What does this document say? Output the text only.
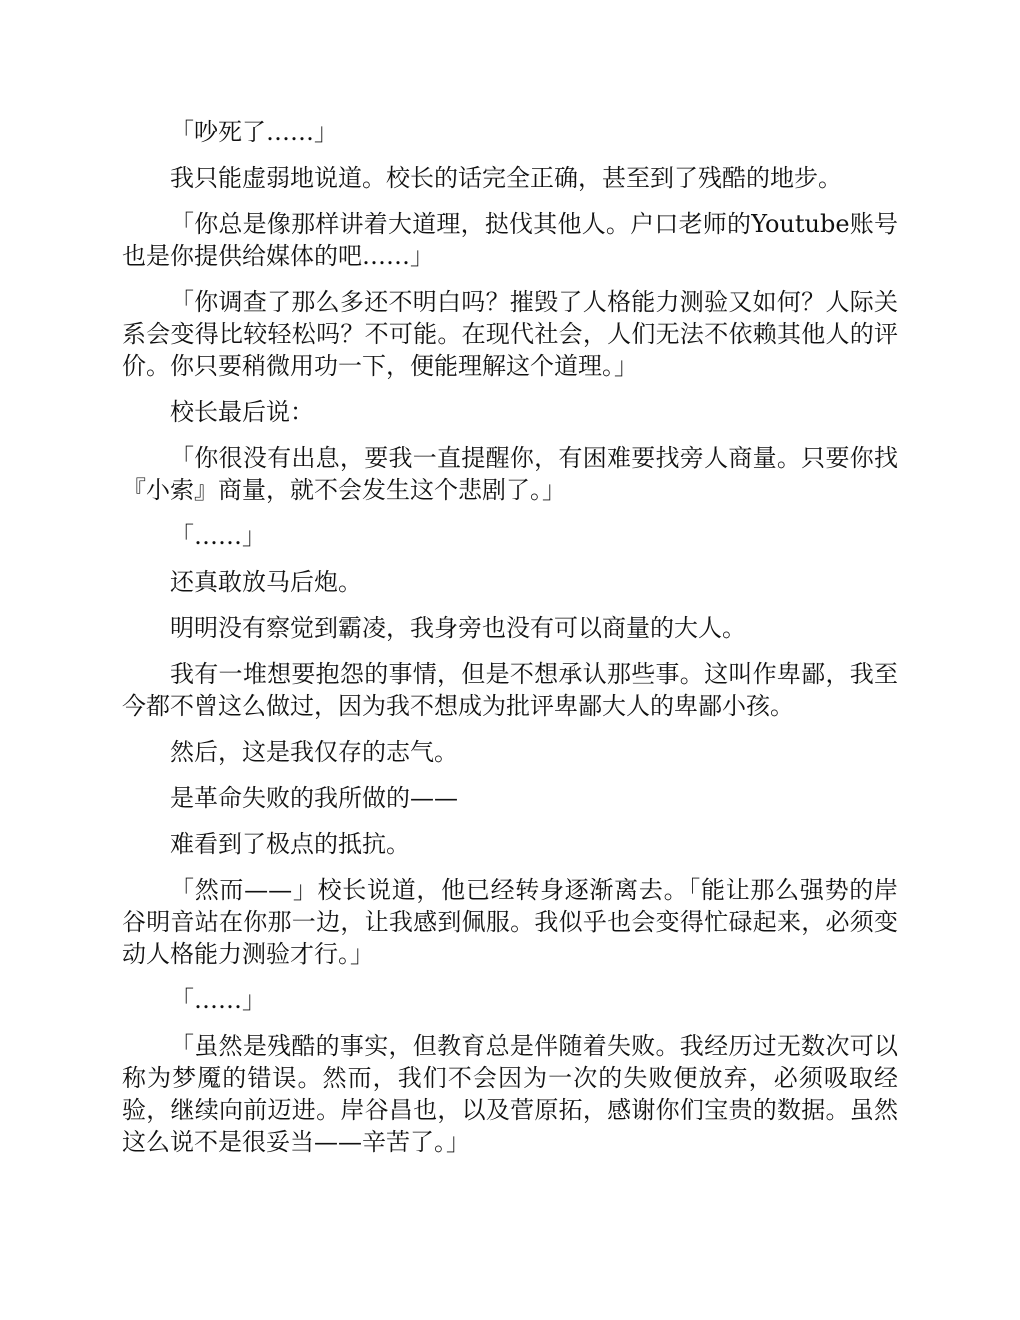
「吵死了……」

我只能虚弱地说道。校长的话完全正确，甚至到了残酷的地步。

「你总是像那样讲着大道理，挞伐其他人。户口老师的Youtube账号也是你提供给媒体的吧……」

「你调查了那么多还不明白吗？摧毁了人格能力测验又如何？人际关系会变得比较轻松吗？不可能。在现代社会，人们无法不依赖其他人的评价。你只要稍微用功一下，便能理解这个道理。」

校长最后说：

「你很没有出息，要我一直提醒你，有困难要找旁人商量。只要你找『小索』商量，就不会发生这个悲剧了。」

「……」

还真敢放马后炮。

明明没有察觉到霸凌，我身旁也没有可以商量的大人。

我有一堆想要抱怨的事情，但是不想承认那些事。这叫作卑鄙，我至今都不曾这么做过，因为我不想成为批评卑鄙大人的卑鄙小孩。

然后，这是我仅存的志气。

是革命失败的我所做的——

难看到了极点的抵抗。

「然而——」校长说道，他已经转身逐渐离去。「能让那么强势的岸谷明音站在你那一边，让我感到佩服。我似乎也会变得忙碌起来，必须变动人格能力测验才行。」

「……」

「虽然是残酷的事实，但教育总是伴随着失败。我经历过无数次可以称为梦魇的错误。然而，我们不会因为一次的失败便放弃，必须吸取经验，继续向前迈进。岸谷昌也，以及菅原拓，感谢你们宝贵的数据。虽然这么说不是很妥当——辛苦了。」
